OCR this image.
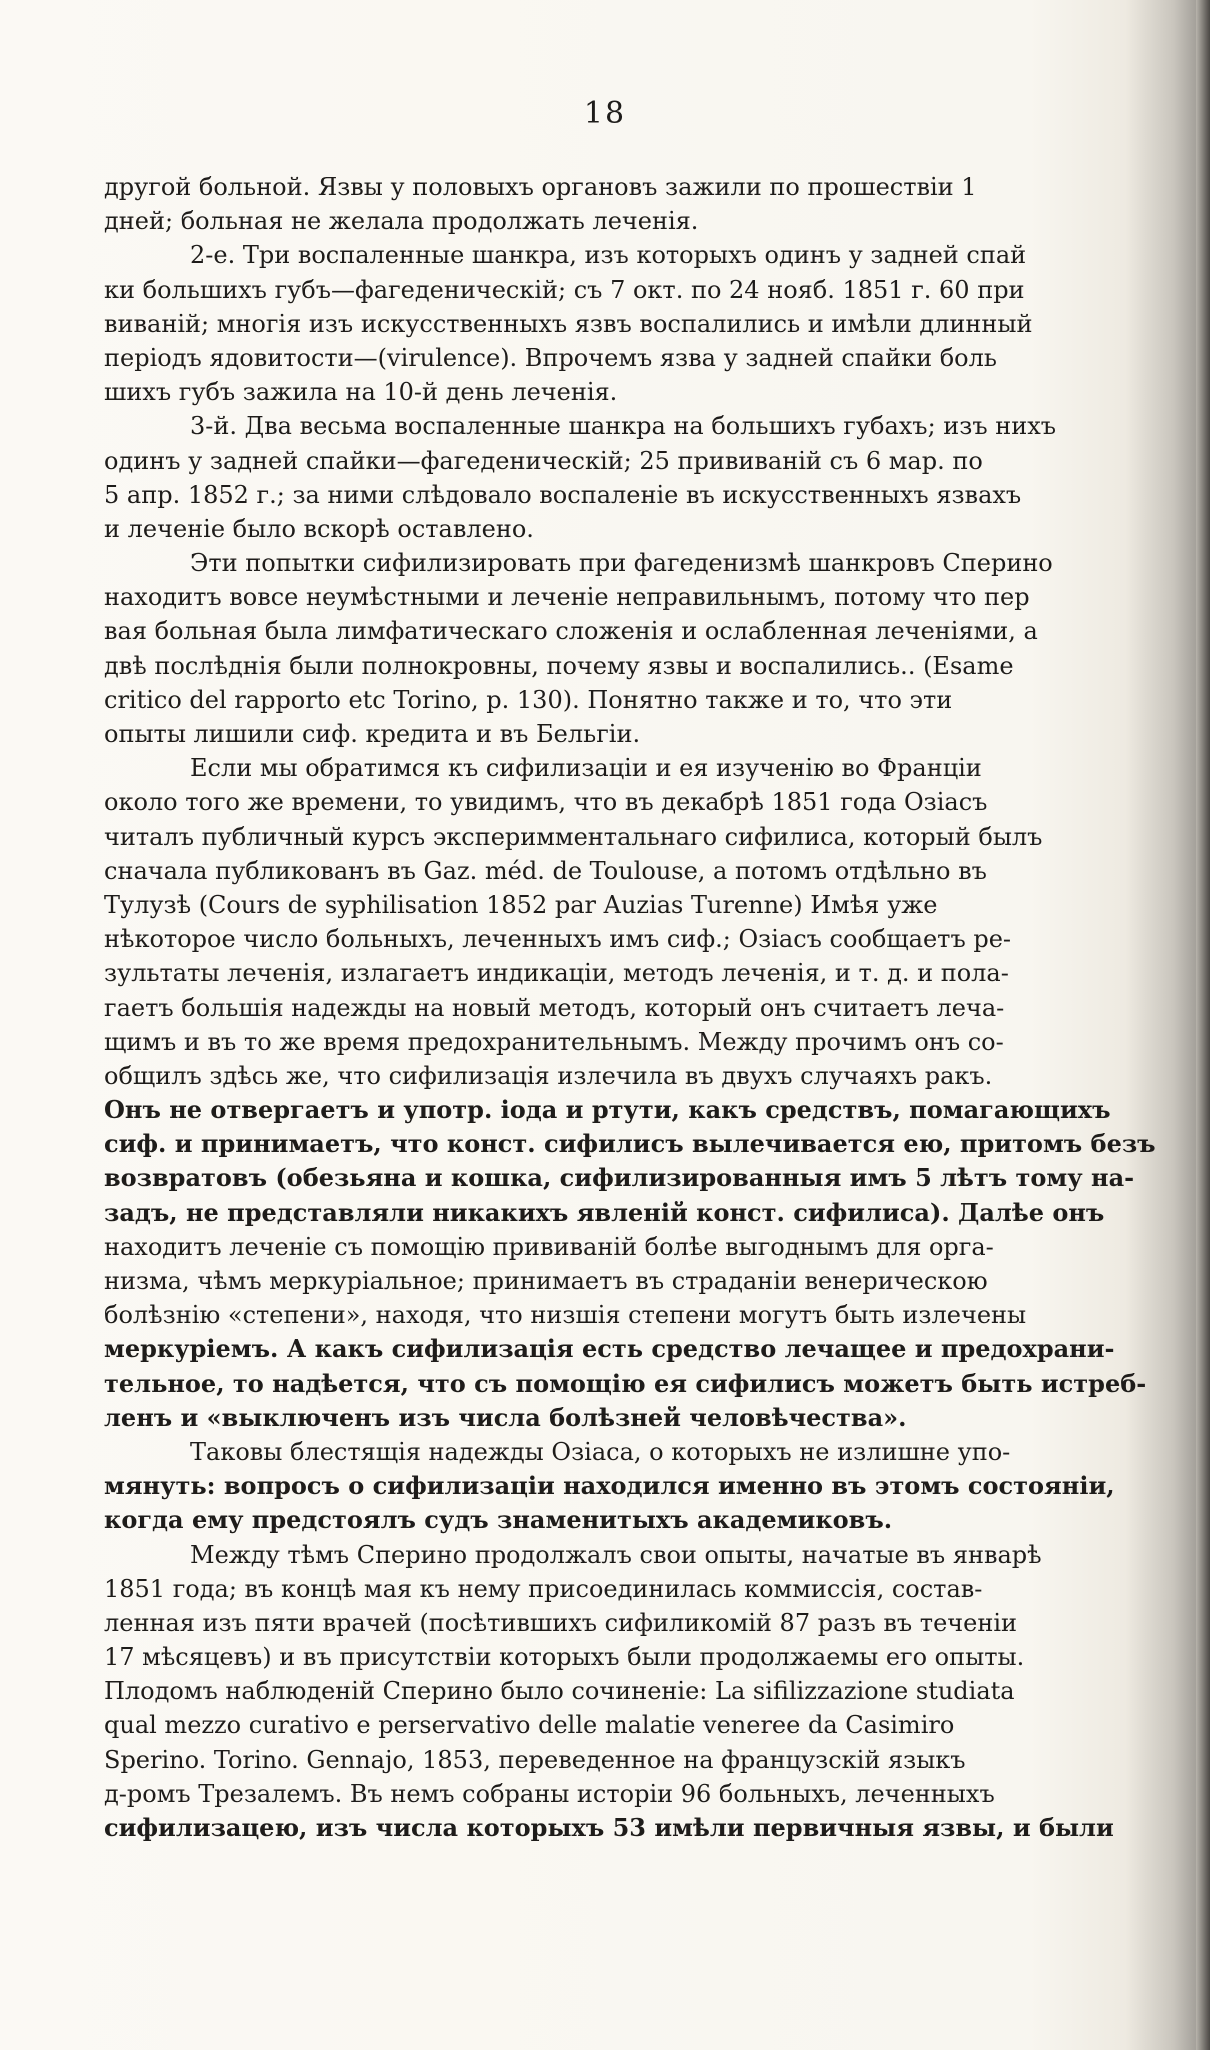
18
другой больной. Язвы у половыхъ органовъ зажили по прошествіи 1
дней; больная не желала продолжать леченія.
2-е. Три воспаленные шанкра, изъ которыхъ одинъ у задней спай
ки большихъ губъ—фагеденическій; съ 7 окт. по 24 нояб. 1851 г. 60 при
виваній; многія изъ искусственныхъ язвъ воспалились и имѣли длинный
періодъ ядовитости—(virulence). Впрочемъ язва у задней спайки боль
шихъ губъ зажила на 10-й день леченія.
3-й. Два весьма воспаленные шанкра на большихъ губахъ; изъ нихъ
одинъ у задней спайки—фагеденическій; 25 прививаній съ 6 мар. по
5 апр. 1852 г.; за ними слѣдовало воспаленіе въ искусственныхъ язвахъ
и леченіе было вскорѣ оставлено.
Эти попытки сифилизировать при фагеденизмѣ шанкровъ Сперино
находитъ вовсе неумѣстными и леченіе неправильнымъ, потому что пер
вая больная была лимфатическаго сложенія и ослабленная леченіями, а
двѣ послѣднія были полнокровны, почему язвы и воспалились.. (Esame
critico del rapporto etc Torino, p. 130). Понятно также и то, что эти
опыты лишили сиф. кредита и въ Бельгіи.
Если мы обратимся къ сифилизаціи и ея изученію во Франціи
около того же времени, то увидимъ, что въ декабрѣ 1851 года Озіасъ
читалъ публичный курсъ эксперимментальнаго сифилиса, который былъ
сначала публикованъ въ Gaz. méd. de Toulouse, а потомъ отдѣльно въ
Тулузѣ (Cours de syphilisation 1852 par Auzias Turenne) Имѣя уже
нѣкоторое число больныхъ, леченныхъ имъ сиф.; Озіасъ сообщаетъ ре-
зультаты леченія, излагаетъ индикаціи, методъ леченія, и т. д. и пола-
гаетъ большія надежды на новый методъ, который онъ считаетъ леча-
щимъ и въ то же время предохранительнымъ. Между прочимъ онъ со-
общилъ здѣсь же, что сифилизація излечила въ двухъ случаяхъ ракъ.
Онъ не отвергаетъ и употр. іода и ртути, какъ средствъ, помагающихъ
сиф. и принимаетъ, что конст. сифилисъ вылечивается ею, притомъ безъ
возвратовъ (обезьяна и кошка, сифилизированныя имъ 5 лѣтъ тому на-
задъ, не представляли никакихъ явленій конст. сифилиса). Далѣе онъ
находитъ леченіе съ помощію прививаній болѣе выгоднымъ для орга-
низма, чѣмъ меркуріальное; принимаетъ въ страданіи венерическою
болѣзнію «степени», находя, что низшія степени могутъ быть излечены
меркуріемъ. А какъ сифилизація есть средство лечащее и предохрани-
тельное, то надѣется, что съ помощію ея сифилисъ можетъ быть истреб-
ленъ и «выключенъ изъ числа болѣзней человѣчества».
Таковы блестящія надежды Озіаса, о которыхъ не излишне упо-
мянуть: вопросъ о сифилизаціи находился именно въ этомъ состояніи,
когда ему предстоялъ судъ знаменитыхъ академиковъ.
Между тѣмъ Сперино продолжалъ свои опыты, начатые въ январѣ
1851 года; въ концѣ мая къ нему присоединилась коммиссія, состав-
ленная изъ пяти врачей (посѣтившихъ сифиликомій 87 разъ въ теченіи
17 мѣсяцевъ) и въ присутствіи которыхъ были продолжаемы его опыты.
Плодомъ наблюденій Сперино было сочиненіе: La sifilizzazione studiata
qual mezzo curativo e perservativo delle malatie veneree da Casimiro
Sperino. Torino. Gennajo, 1853, переведенное на французскій языкъ
д-ромъ Трезалемъ. Въ немъ собраны исторіи 96 больныхъ, леченныхъ
сифилизацею, изъ числа которыхъ 53 имѣли первичныя язвы, и были
